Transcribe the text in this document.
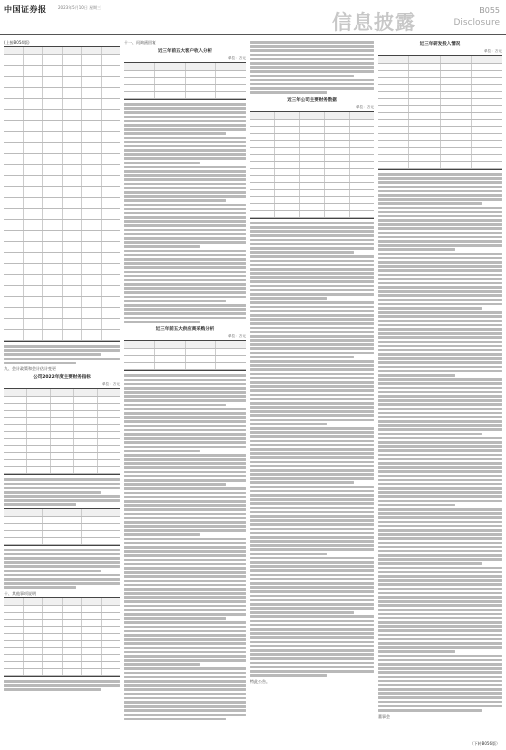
中国证券报	2023年5月10日 星期三
信息披露	B055
Disclosure
(上接B054版)
九、会计政策和会计估计变更
公司2022年度主要财务指标
单位：万元
十、其他事项说明
十一、问询函回复
近三年前五大客户收入分析
单位：万元
近三年前五大供应商采购分析
单位：万元
近三年公司主要财务数据
单位：万元
特此公告。
近三年研发投入情况
单位：万元
董事会
（下转B056版）
